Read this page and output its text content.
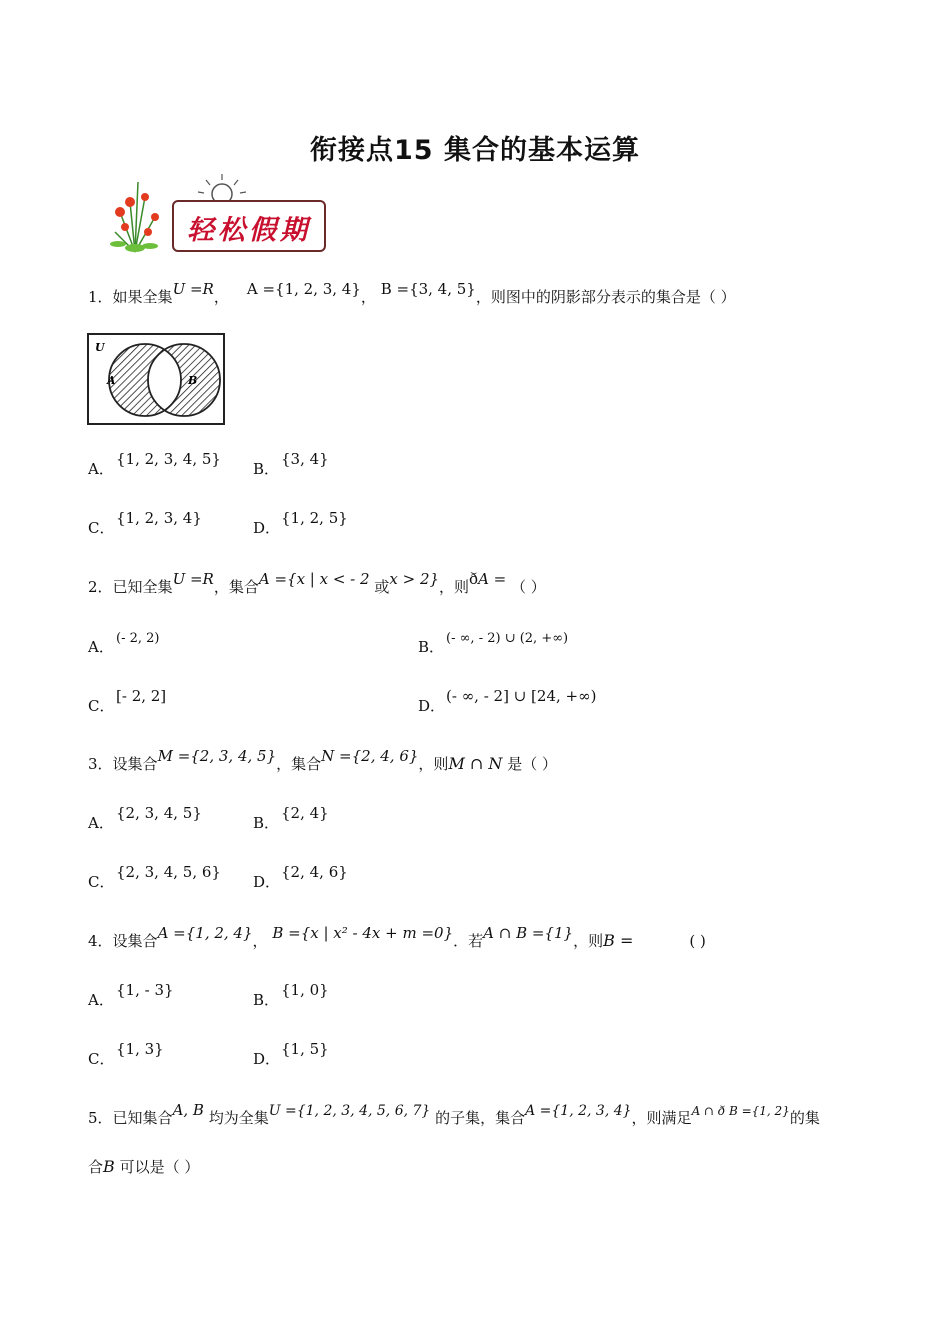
衔接点15 集合的基本运算
轻松假期
1．如果全集U =R， A ={1, 2, 3, 4}， B ={3, 4, 5}，则图中的阴影部分表示的集合是（ ）
U
A	B
A．{1, 2, 3, 4, 5}
B．{3, 4}
C．{1, 2, 3, 4}
D．{1, 2, 5}
2．已知全集U =R，集合A ={x | x < - 2 或x > 2}，则ðA = （ ）
A． (- 2, 2)	B． (- ∞, - 2) ∪ (2, +∞)
C．[- 2, 2]
D．(- ∞, - 2] ∪ [24, +∞)
3．设集合M ={2, 3, 4, 5}，集合N ={2, 4, 6}，则M ∩ N 是（ ）
A．{2, 3, 4, 5}
B．{2, 4}
C．{2, 3, 4, 5, 6}
D．{2, 4, 6}
4．设集合A ={1, 2, 4}， B ={x | x² - 4x + m =0}．若A ∩ B ={1}，则B =	( )
A．{1, - 3}
B．{1, 0}
C．{1, 3}
D．{1, 5}
5．已知集合A, B 均为全集U ={1, 2, 3, 4, 5, 6, 7} 的子集，集合A ={1, 2, 3, 4}，则满足$^{A \cap ð B =\{1, 2\}}$的集
合B 可以是（ ）
